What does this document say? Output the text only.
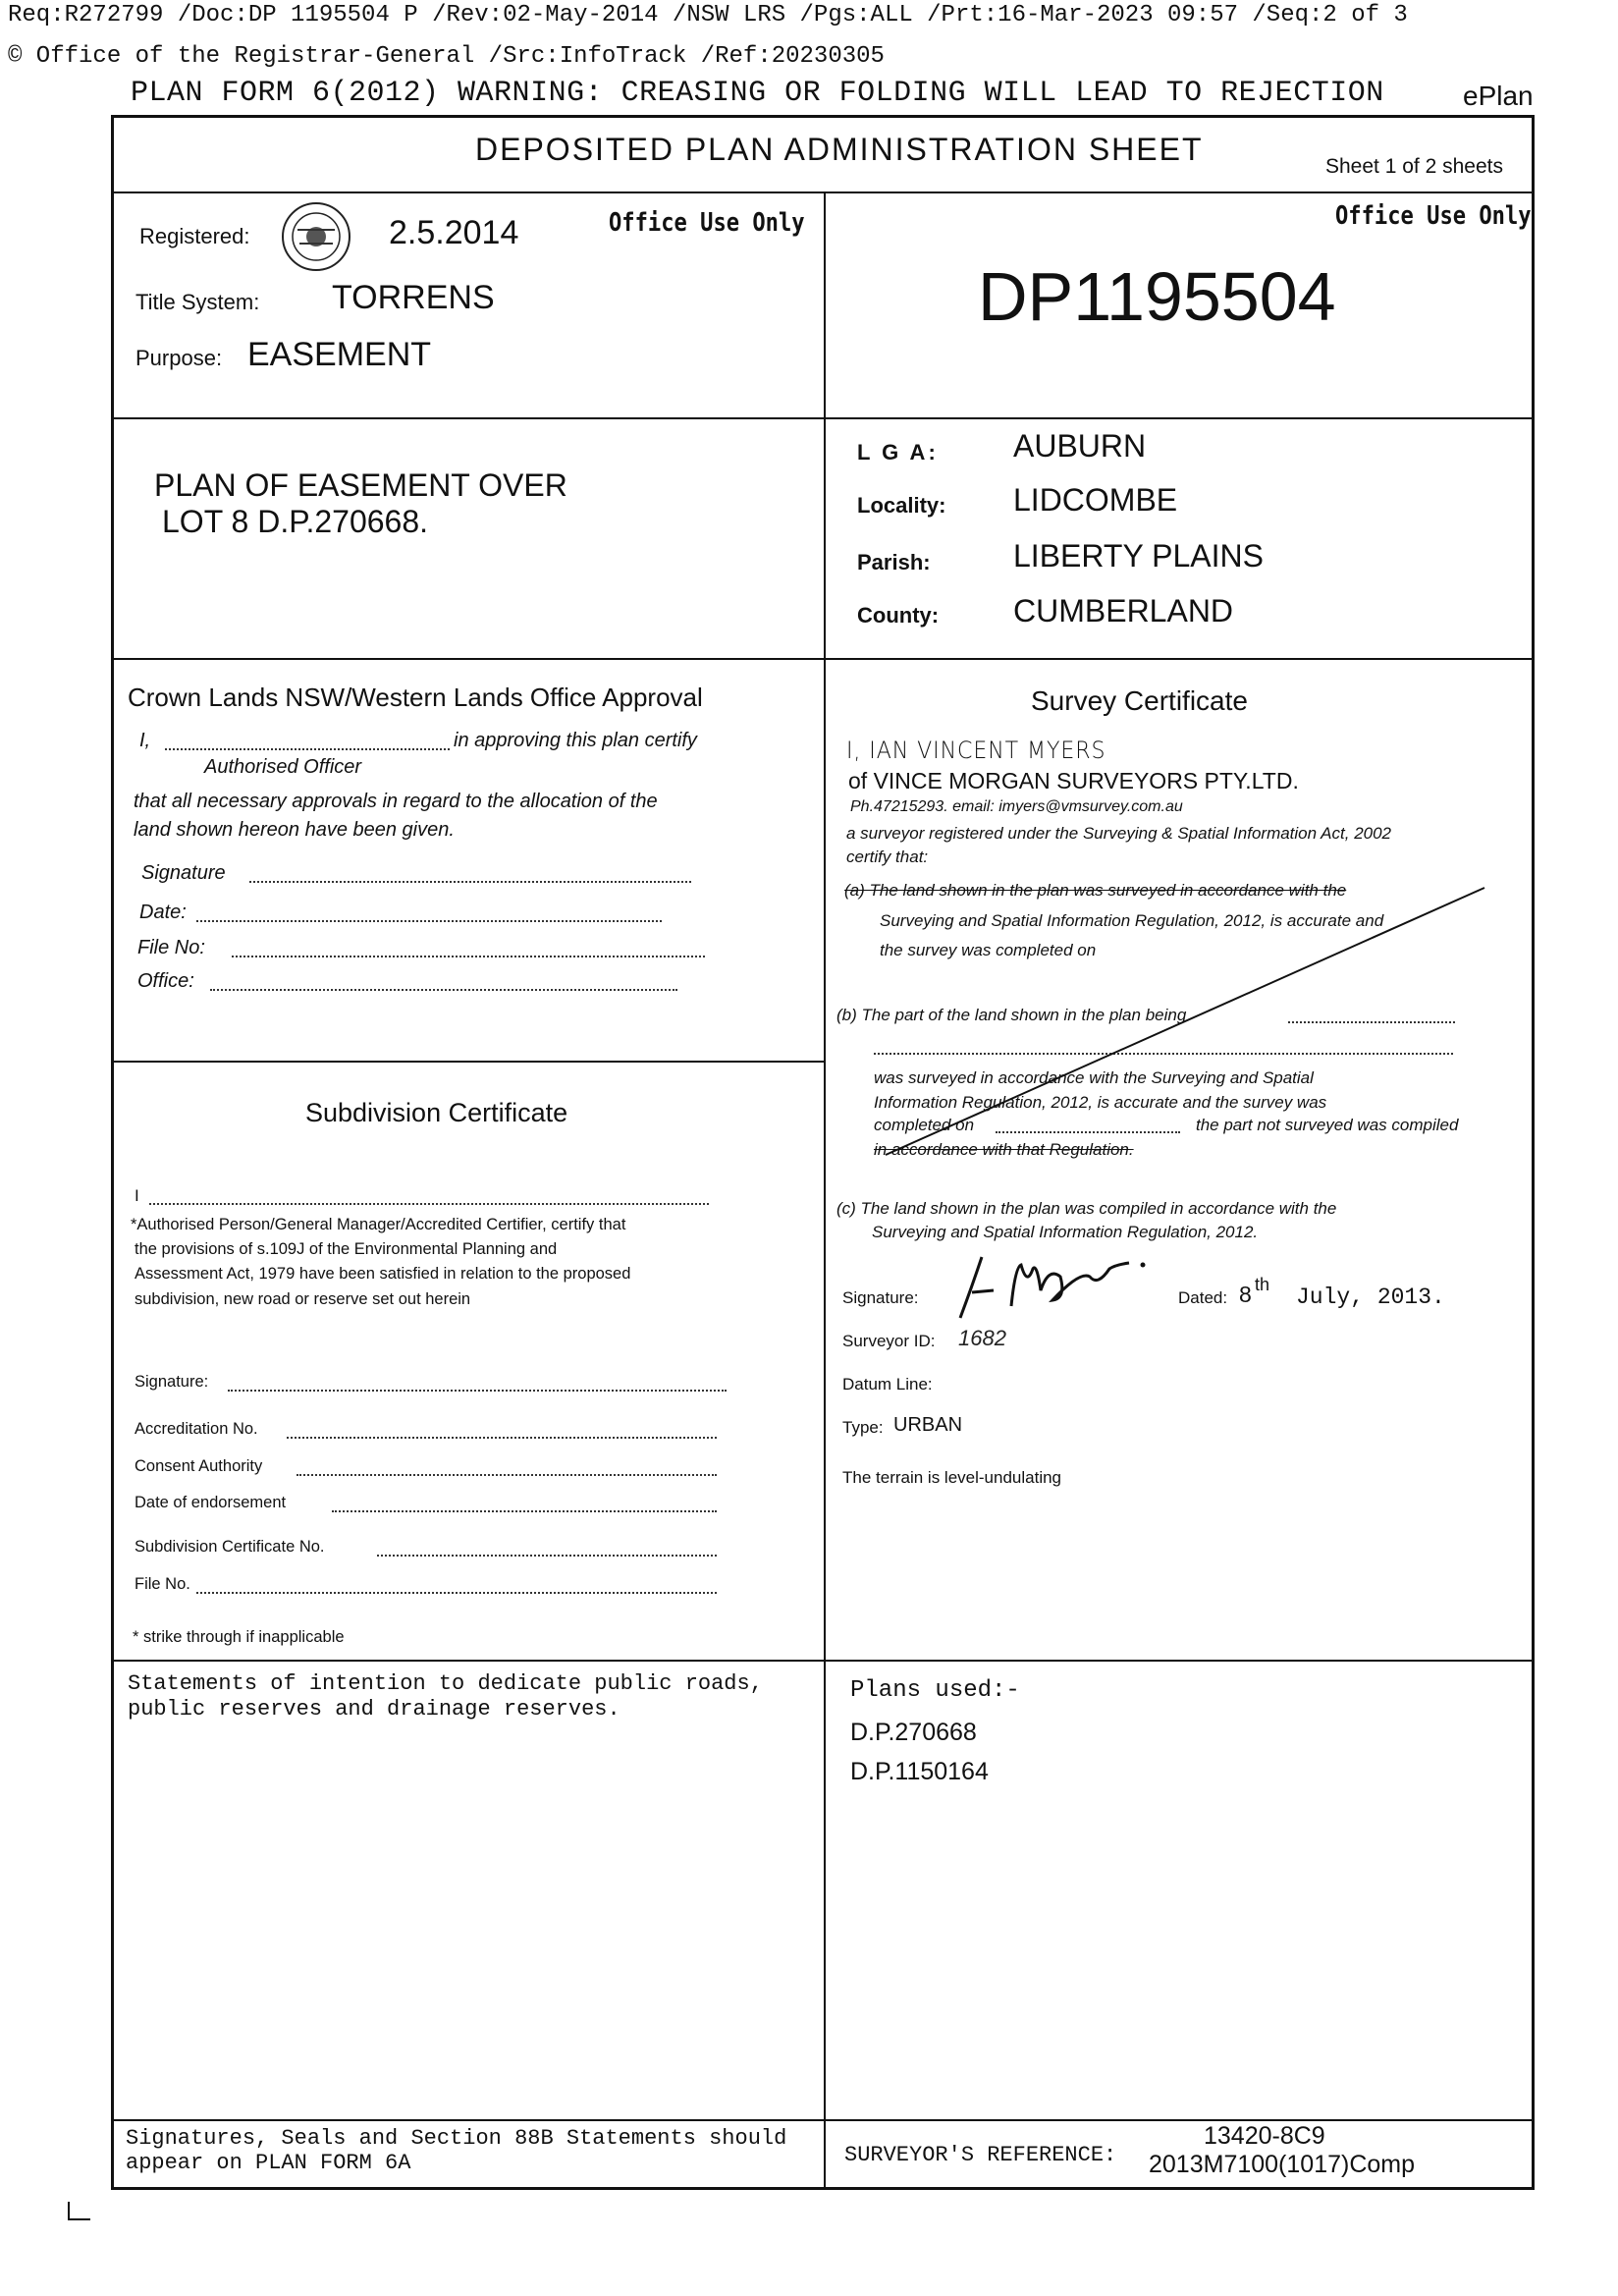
Req:R272799 /Doc:DP 1195504 P /Rev:02-May-2014 /NSW LRS /Pgs:ALL /Prt:16-Mar-2023 09:57 /Seq:2 of 3
© Office of the Registrar-General /Src:InfoTrack /Ref:20230305
PLAN FORM 6(2012) WARNING: CREASING OR FOLDING WILL LEAD TO REJECTION	ePlan
DEPOSITED PLAN ADMINISTRATION SHEET	Sheet 1 of 2 sheets
Registered:	2.5.2014	Office Use Only
Title System: TORRENS
Purpose: EASEMENT
Office Use Only
DP1195504
PLAN OF EASEMENT OVER
LOT 8 D.P.270668.
L G A: AUBURN
Locality: LIDCOMBE
Parish:	LIBERTY PLAINS
County: CUMBERLAND
Crown Lands NSW/Western Lands Office Approval
I,	in approving this plan certify
Authorised Officer
that all necessary approvals in regard to the allocation of the
land shown hereon have been given.
Signature
Date:
File No:
Office:
Subdivision Certificate
I
*Authorised Person/General Manager/Accredited Certifier, certify that
the provisions of s.109J of the Environmental Planning and
Assessment Act, 1979 have been satisfied in relation to the proposed
subdivision, new road or reserve set out herein
Signature:
Accreditation No.
Consent Authority
Date of endorsement
Subdivision Certificate No.
File No.
* strike through if inapplicable
Survey Certificate
I, IAN VINCENT MYERS
of VINCE MORGAN SURVEYORS PTY.LTD.
Ph.47215293. email: imyers@vmsurvey.com.au
a surveyor registered under the Surveying & Spatial Information Act, 2002
certify that:
(a) The land shown in the plan was surveyed in accordance with the
Surveying and Spatial Information Regulation, 2012, is accurate and
the survey was completed on
(b) The part of the land shown in the plan being
was surveyed in accordance with the Surveying and Spatial
Information Regulation, 2012, is accurate and the survey was
completed on	the part not surveyed was compiled
in accordance with that Regulation.
(c) The land shown in the plan was compiled in accordance with the
Surveying and Spatial Information Regulation, 2012.
Signature:	Dated: 8 th July, 2013.
Surveyor ID: 1682
Datum Line:
Type: URBAN
The terrain is level-undulating
Statements of intention to dedicate public roads,
public reserves and drainage reserves.
Plans used:-
D.P.270668
D.P.1150164
Signatures, Seals and Section 88B Statements should
appear on PLAN FORM 6A	SURVEYOR'S REFERENCE:
13420-8C9
2013M7100(1017)Comp
